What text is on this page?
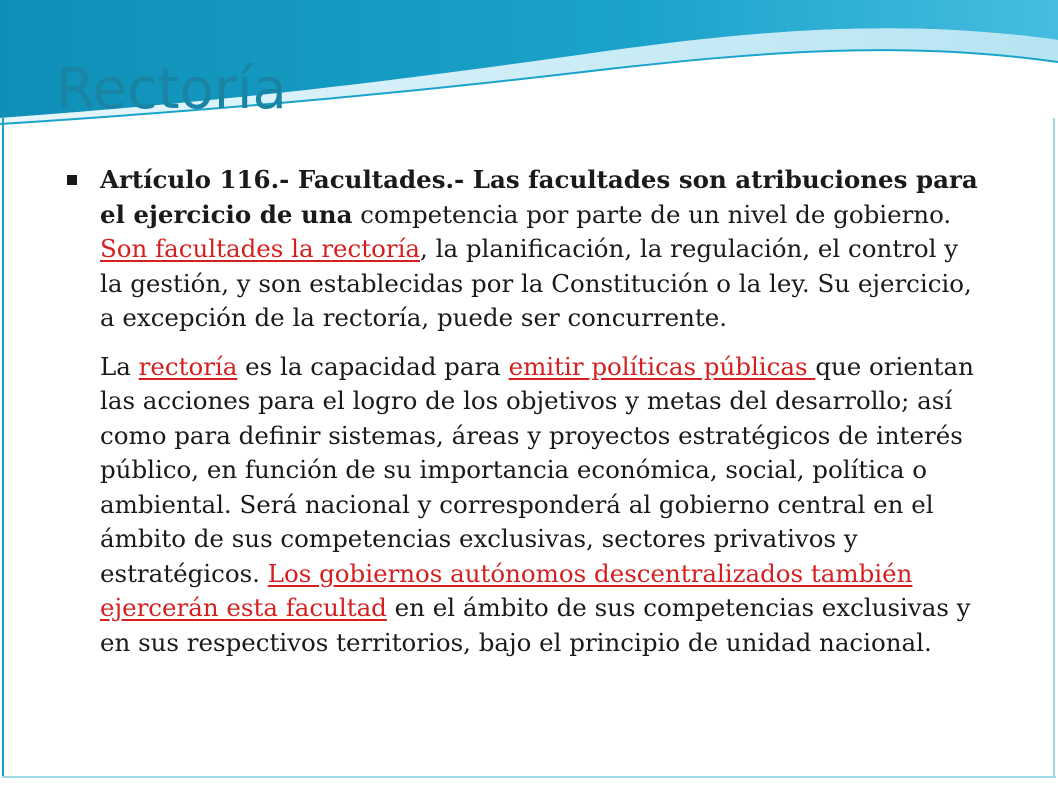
Rectoría

Artículo 116.- Facultades.- Las facultades son atribuciones para el ejercicio de una competencia por parte de un nivel de gobierno. Son facultades la rectoría, la planificación, la regulación, el control y la gestión, y son establecidas por la Constitución o la ley. Su ejercicio, a excepción de la rectoría, puede ser concurrente.

La rectoría es la capacidad para emitir políticas públicas que orientan las acciones para el logro de los objetivos y metas del desarrollo; así como para definir sistemas, áreas y proyectos estratégicos de interés público, en función de su importancia económica, social, política o ambiental. Será nacional y corresponderá al gobierno central en el ámbito de sus competencias exclusivas, sectores privativos y estratégicos. Los gobiernos autónomos descentralizados también ejercerán esta facultad en el ámbito de sus competencias exclusivas y en sus respectivos territorios, bajo el principio de unidad nacional.
